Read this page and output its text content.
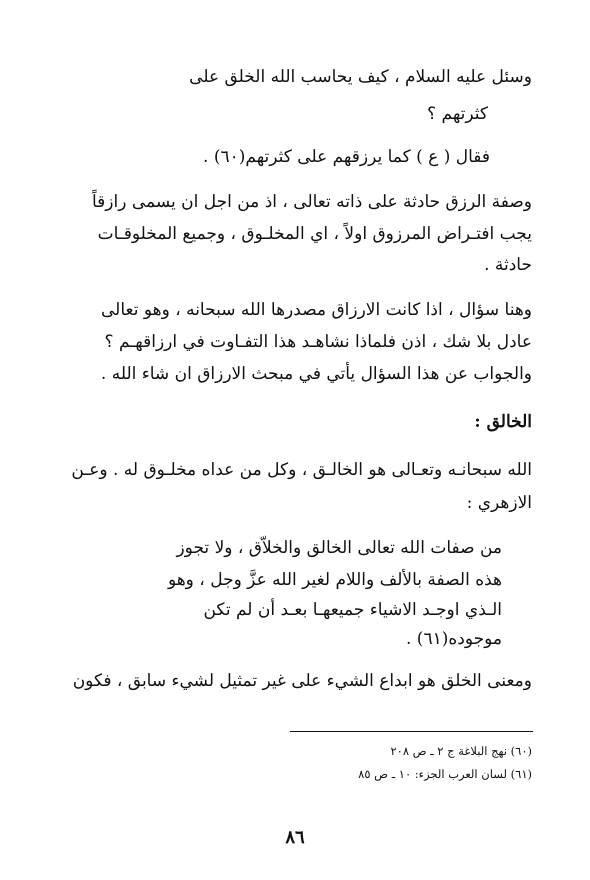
وسئل عليه السلام ، كيف يحاسب الله الخلق على
كثرتهم ؟
فقال ( ع ) كما يرزقهم على كثرتهم(٦٠) .
وصفة الرزق حادثة على ذاته تعالى ، اذ من اجل ان يسمى رازقاً
يجب افتـراض المرزوق اولاً ، اي المخلـوق ، وجميع المخلوقـات
حادثة .
وهنا سؤال ، اذا كانت الارزاق مصدرها الله سبحانه ، وهو تعالى
عادل بلا شك ، اذن فلماذا نشاهـد هذا التفـاوت في ارزاقهـم ؟
والجواب عن هذا السؤال يأتي في مبحث الارزاق ان شاء الله .
الخالق :
الله سبحانـه وتعـالى هو الخالـق ، وكل من عداه مخلـوق له . وعـن
الازهري :
من صفات الله تعالى الخالق والخلاّق ، ولا تجوز
هذه الصفة بالألف واللام لغير الله عزَّ وجل ، وهو
الـذي اوجـد الاشياء جميعهـا بعـد أن لم تكن
موجوده(٦١) .
ومعنى الخلق هو ابداع الشيء على غير تمثيل لشيء سابق ، فكون
(٦٠) نهج البلاغة ج ٢ ـ ص ٢٠٨
(٦١) لسان العرب الجزء: ١٠ ـ ص ٨٥
٨٦
